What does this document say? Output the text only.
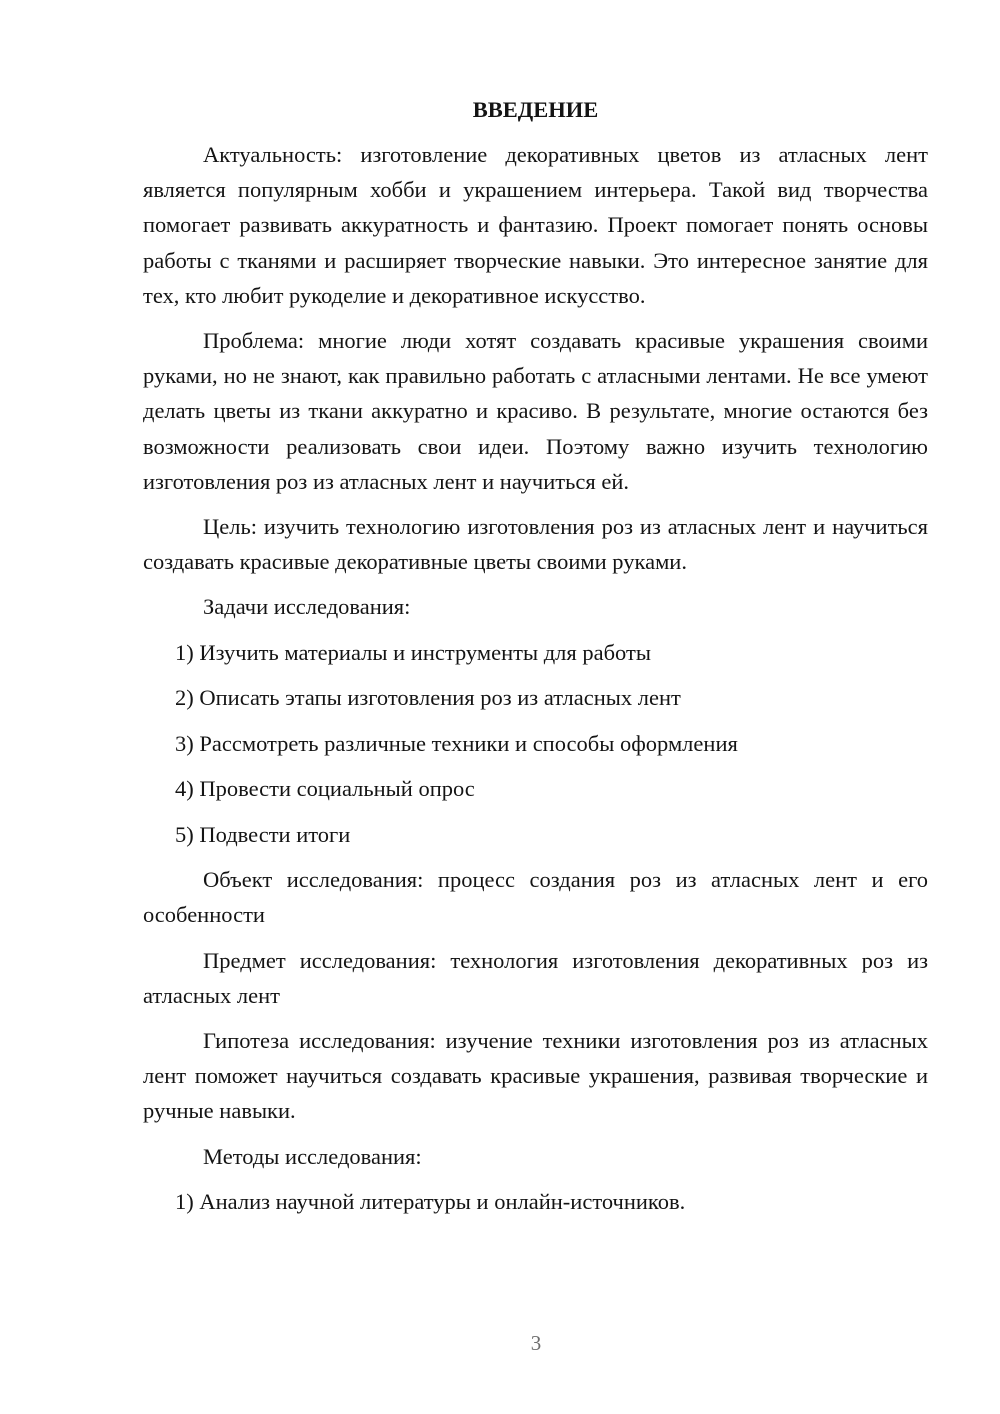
ВВЕДЕНИЕ

Актуальность: изготовление декоративных цветов из атласных лент является популярным хобби и украшением интерьера. Такой вид творчества помогает развивать аккуратность и фантазию. Проект помогает понять основы работы с тканями и расширяет творческие навыки. Это интересное занятие для тех, кто любит рукоделие и декоративное искусство.

Проблема: многие люди хотят создавать красивые украшения своими руками, но не знают, как правильно работать с атласными лентами. Не все умеют делать цветы из ткани аккуратно и красиво. В результате, многие остаются без возможности реализовать свои идеи. Поэтому важно изучить технологию изготовления роз из атласных лент и научиться ей.

Цель: изучить технологию изготовления роз из атласных лент и научиться создавать красивые декоративные цветы своими руками.

Задачи исследования:

1) Изучить материалы и инструменты для работы
2) Описать этапы изготовления роз из атласных лент
3) Рассмотреть различные техники и способы оформления
4) Провести социальный опрос
5) Подвести итоги

Объект исследования: процесс создания роз из атласных лент и его особенности

Предмет исследования: технология изготовления декоративных роз из атласных лент

Гипотеза исследования: изучение техники изготовления роз из атласных лент поможет научиться создавать красивые украшения, развивая творческие и ручные навыки.

Методы исследования:

1) Анализ научной литературы и онлайн-источников.
3
